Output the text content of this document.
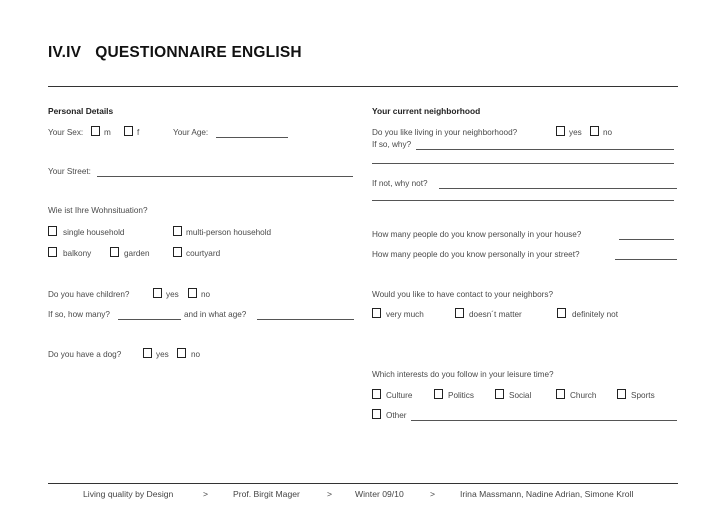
IV.IV QUESTIONNAIRE ENGLISH
Personal Details
Your Sex:	m	f	Your Age:
Your Street:
Wie ist Ihre Wohnsituation?
single household	multi-person household
balkony	garden	courtyard
Do you have children?	yes	no
If so, how many?	and in what age?
Do you have a dog?	yes	no
Your current neighborhood
Do you like living in your neighborhood?	yes	no
If so, why?
If not, why not?
How many people do you know personally in your house?
How many people do you know personally in your street?
Would you like to have contact to your neighbors?
very much	doesn´t matter	definitely not
Which interests do you follow in your leisure time?
Culture	Politics	Social	Church	Sports
Other
Living quality by Design	>	Prof. Birgit Mager	>	Winter 09/10	>	Irina Massmann, Nadine Adrian, Simone Kroll
